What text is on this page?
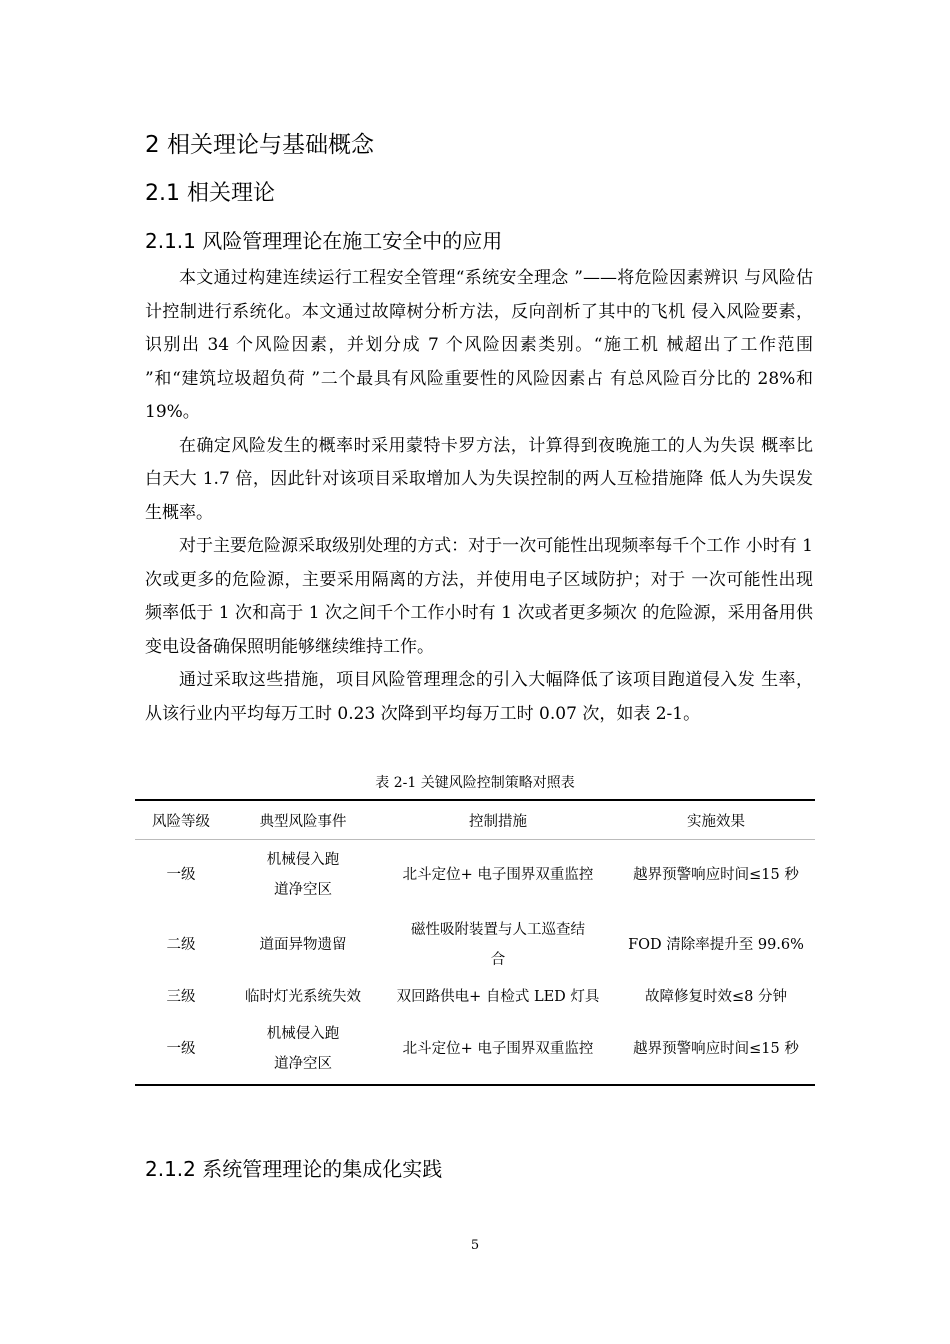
2 相关理论与基础概念
2.1 相关理论
2.1.1 风险管理理论在施工安全中的应用

本文通过构建连续运行工程安全管理“系统安全理念 ”——将危险因素辨识 与风险估计控制进行系统化。本文通过故障树分析方法，反向剖析了其中的飞机 侵入风险要素，识别出 34 个风险因素，并划分成 7 个风险因素类别。“施工机 械超出了工作范围 ”和“建筑垃圾超负荷 ”二个最具有风险重要性的风险因素占 有总风险百分比的 28%和 19%。

在确定风险发生的概率时采用蒙特卡罗方法，计算得到夜晚施工的人为失误 概率比白天大 1.7 倍，因此针对该项目采取增加人为失误控制的两人互检措施降 低人为失误发生概率。

对于主要危险源采取级别处理的方式：对于一次可能性出现频率每千个工作 小时有 1 次或更多的危险源，主要采用隔离的方法，并使用电子区域防护；对于 一次可能性出现频率低于 1 次和高于 1 次之间千个工作小时有 1 次或者更多频次 的危险源，采用备用供变电设备确保照明能够继续维持工作。

通过采取这些措施，项目风险管理理念的引入大幅降低了该项目跑道侵入发 生率，从该行业内平均每万工时 0.23 次降到平均每万工时 0.07 次，如表 2-1。

表 2-1 关键风险控制策略对照表
风险等级	典型风险事件	控制措施	实施效果
一级	机械侵入跑道净空区	北斗定位+ 电子围界双重监控	越界预警响应时间≤15 秒
二级	道面异物遗留	磁性吸附装置与人工巡查结合	FOD 清除率提升至 99.6%
三级	临时灯光系统失效	双回路供电+ 自检式 LED 灯具	故障修复时效≤8 分钟
一级	机械侵入跑道净空区	北斗定位+ 电子围界双重监控	越界预警响应时间≤15 秒
2.1.2 系统管理理论的集成化实践
5
